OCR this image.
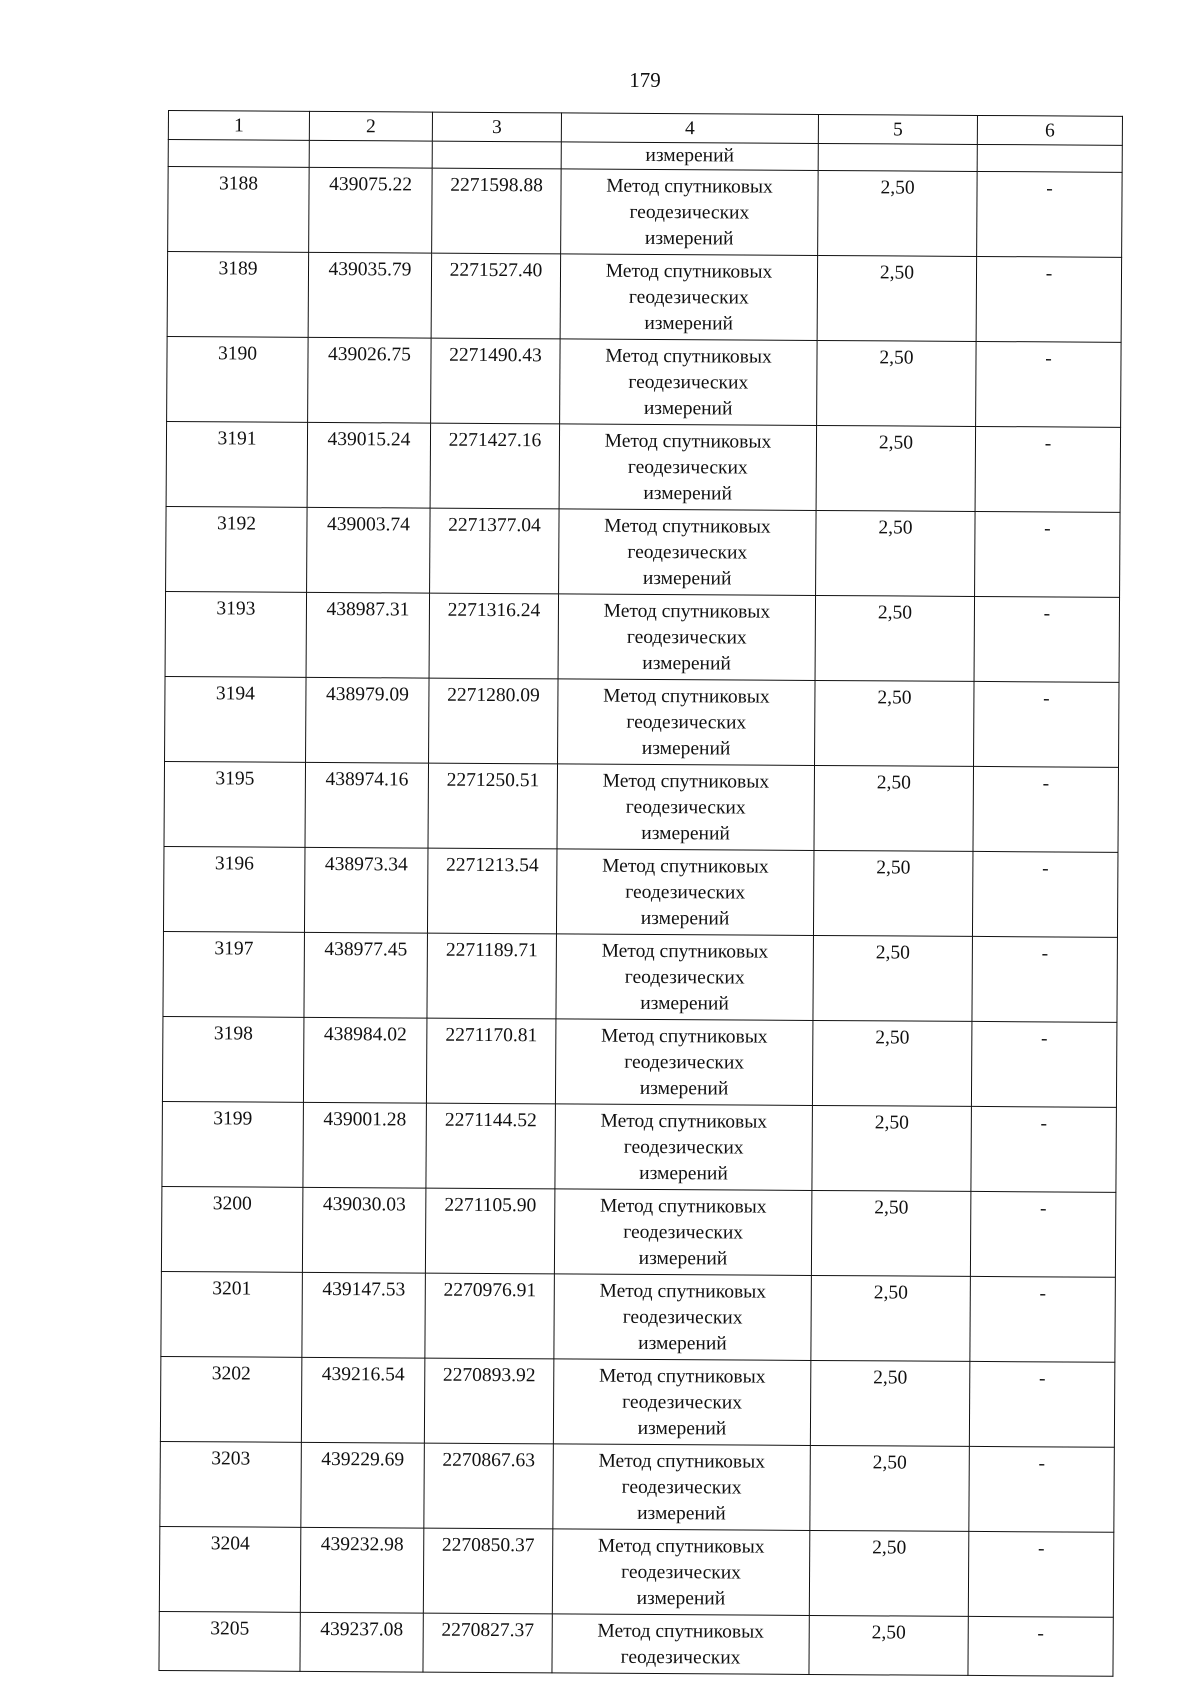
179
1	2	3	4	5	6
			измерений		
3188	439075.22	2271598.88	Метод спутниковых
геодезических
измерений	2,50	-
3189	439035.79	2271527.40	Метод спутниковых
геодезических
измерений	2,50	-
3190	439026.75	2271490.43	Метод спутниковых
геодезических
измерений	2,50	-
3191	439015.24	2271427.16	Метод спутниковых
геодезических
измерений	2,50	-
3192	439003.74	2271377.04	Метод спутниковых
геодезических
измерений	2,50	-
3193	438987.31	2271316.24	Метод спутниковых
геодезических
измерений	2,50	-
3194	438979.09	2271280.09	Метод спутниковых
геодезических
измерений	2,50	-
3195	438974.16	2271250.51	Метод спутниковых
геодезических
измерений	2,50	-
3196	438973.34	2271213.54	Метод спутниковых
геодезических
измерений	2,50	-
3197	438977.45	2271189.71	Метод спутниковых
геодезических
измерений	2,50	-
3198	438984.02	2271170.81	Метод спутниковых
геодезических
измерений	2,50	-
3199	439001.28	2271144.52	Метод спутниковых
геодезических
измерений	2,50	-
3200	439030.03	2271105.90	Метод спутниковых
геодезических
измерений	2,50	-
3201	439147.53	2270976.91	Метод спутниковых
геодезических
измерений	2,50	-
3202	439216.54	2270893.92	Метод спутниковых
геодезических
измерений	2,50	-
3203	439229.69	2270867.63	Метод спутниковых
геодезических
измерений	2,50	-
3204	439232.98	2270850.37	Метод спутниковых
геодезических
измерений	2,50	-
3205	439237.08	2270827.37	Метод спутниковых
геодезических	2,50	-
